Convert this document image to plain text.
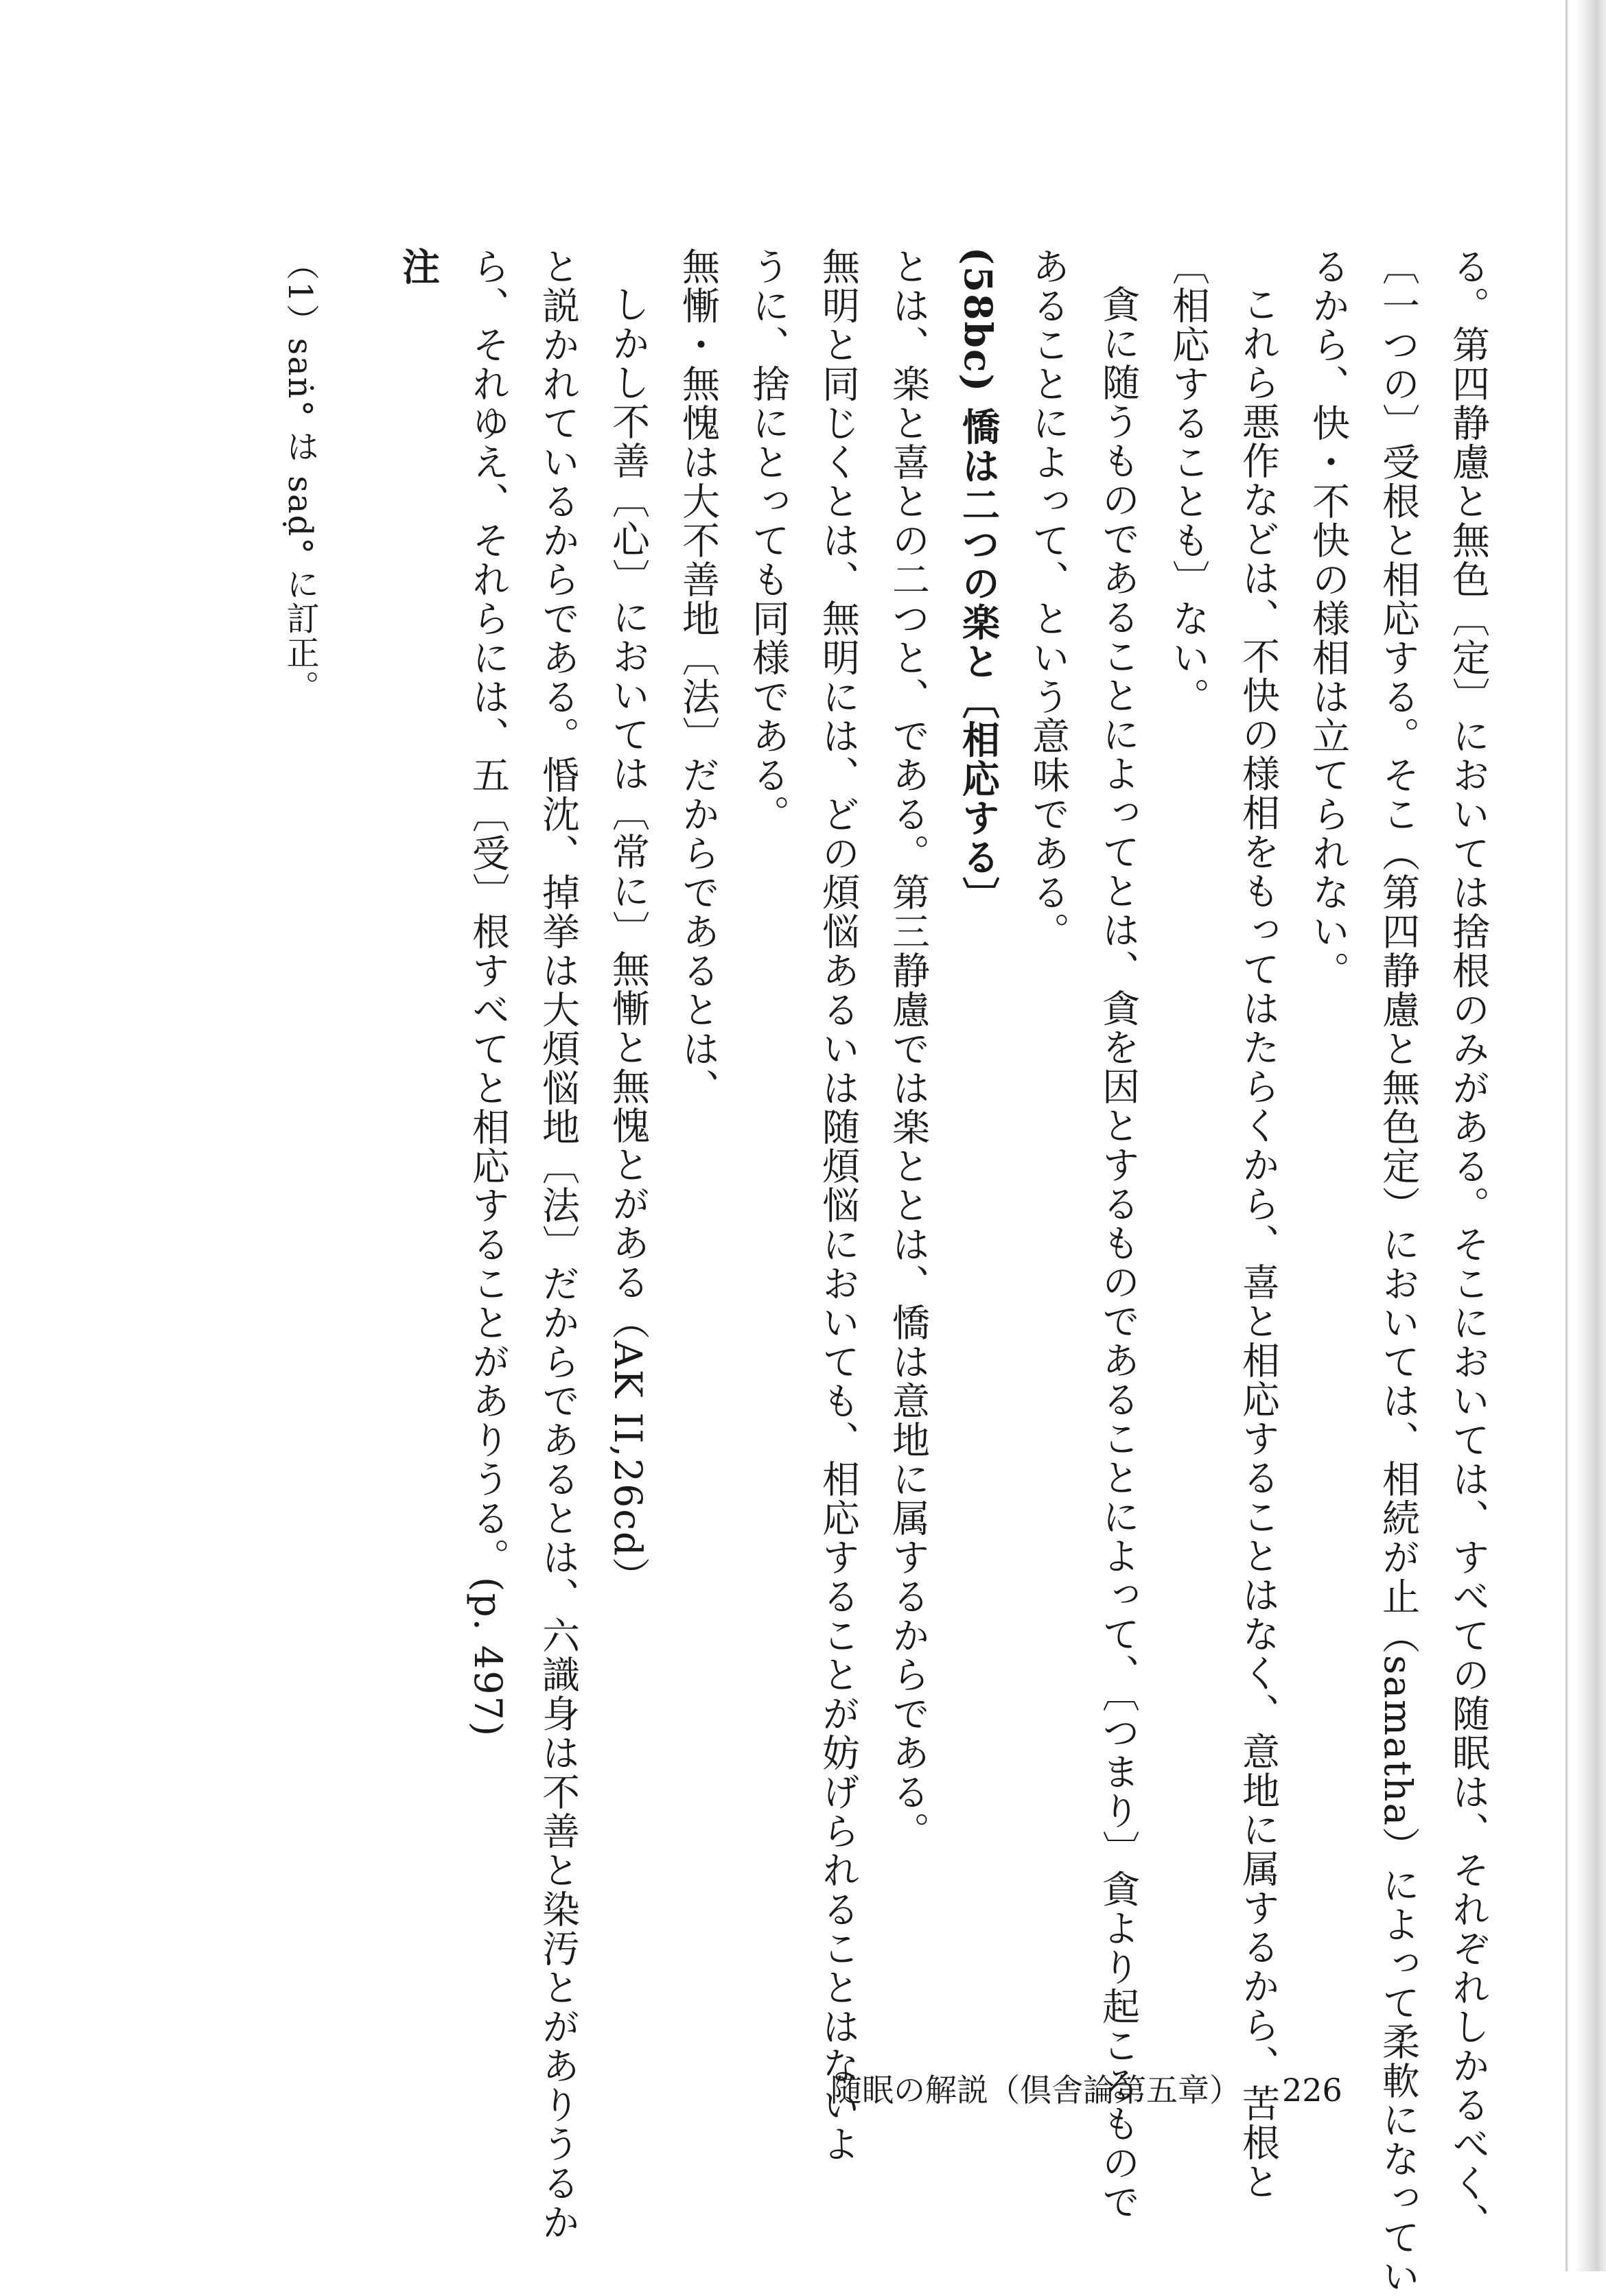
る。第四静慮と無色〔定〕においては捨根のみがある。そこにおいては、すべての随眠は、それぞれしかるべく、

〔一つの〕受根と相応する。そこ（第四静慮と無色定）においては、相続が止（samatha）によって柔軟になってい

るから、快・不快の様相は立てられない。

これら悪作などは、不快の様相をもってはたらくから、喜と相応することはなく、意地に属するから、苦根と

〔相応することも〕ない。

貪に随うものであることによってとは、貪を因とするものであることによって、〔つまり〕貪より起こるもので

あることによって、という意味である。

(58bc) 憍は二つの楽と〔相応する〕

とは、楽と喜との二つと、である。第三静慮では楽ととは、憍は意地に属するからである。

無明と同じくとは、無明には、どの煩悩あるいは随煩悩においても、相応することが妨げられることはないよ

うに、捨にとっても同様である。

無慚・無愧は大不善地〔法〕だからであるとは、

しかし不善〔心〕においては〔常に〕無慚と無愧とがある（AK II,26cd）

と説かれているからである。惛沈、掉挙は大煩悩地〔法〕だからであるとは、六識身は不善と染汚とがありうるか

ら、それゆえ、それらには、五〔受〕根すべてと相応することがありうる。(p. 497)

注

（1）saṅ° は saḍ° に訂正。

随眠の解説（倶舎論第五章） 226
